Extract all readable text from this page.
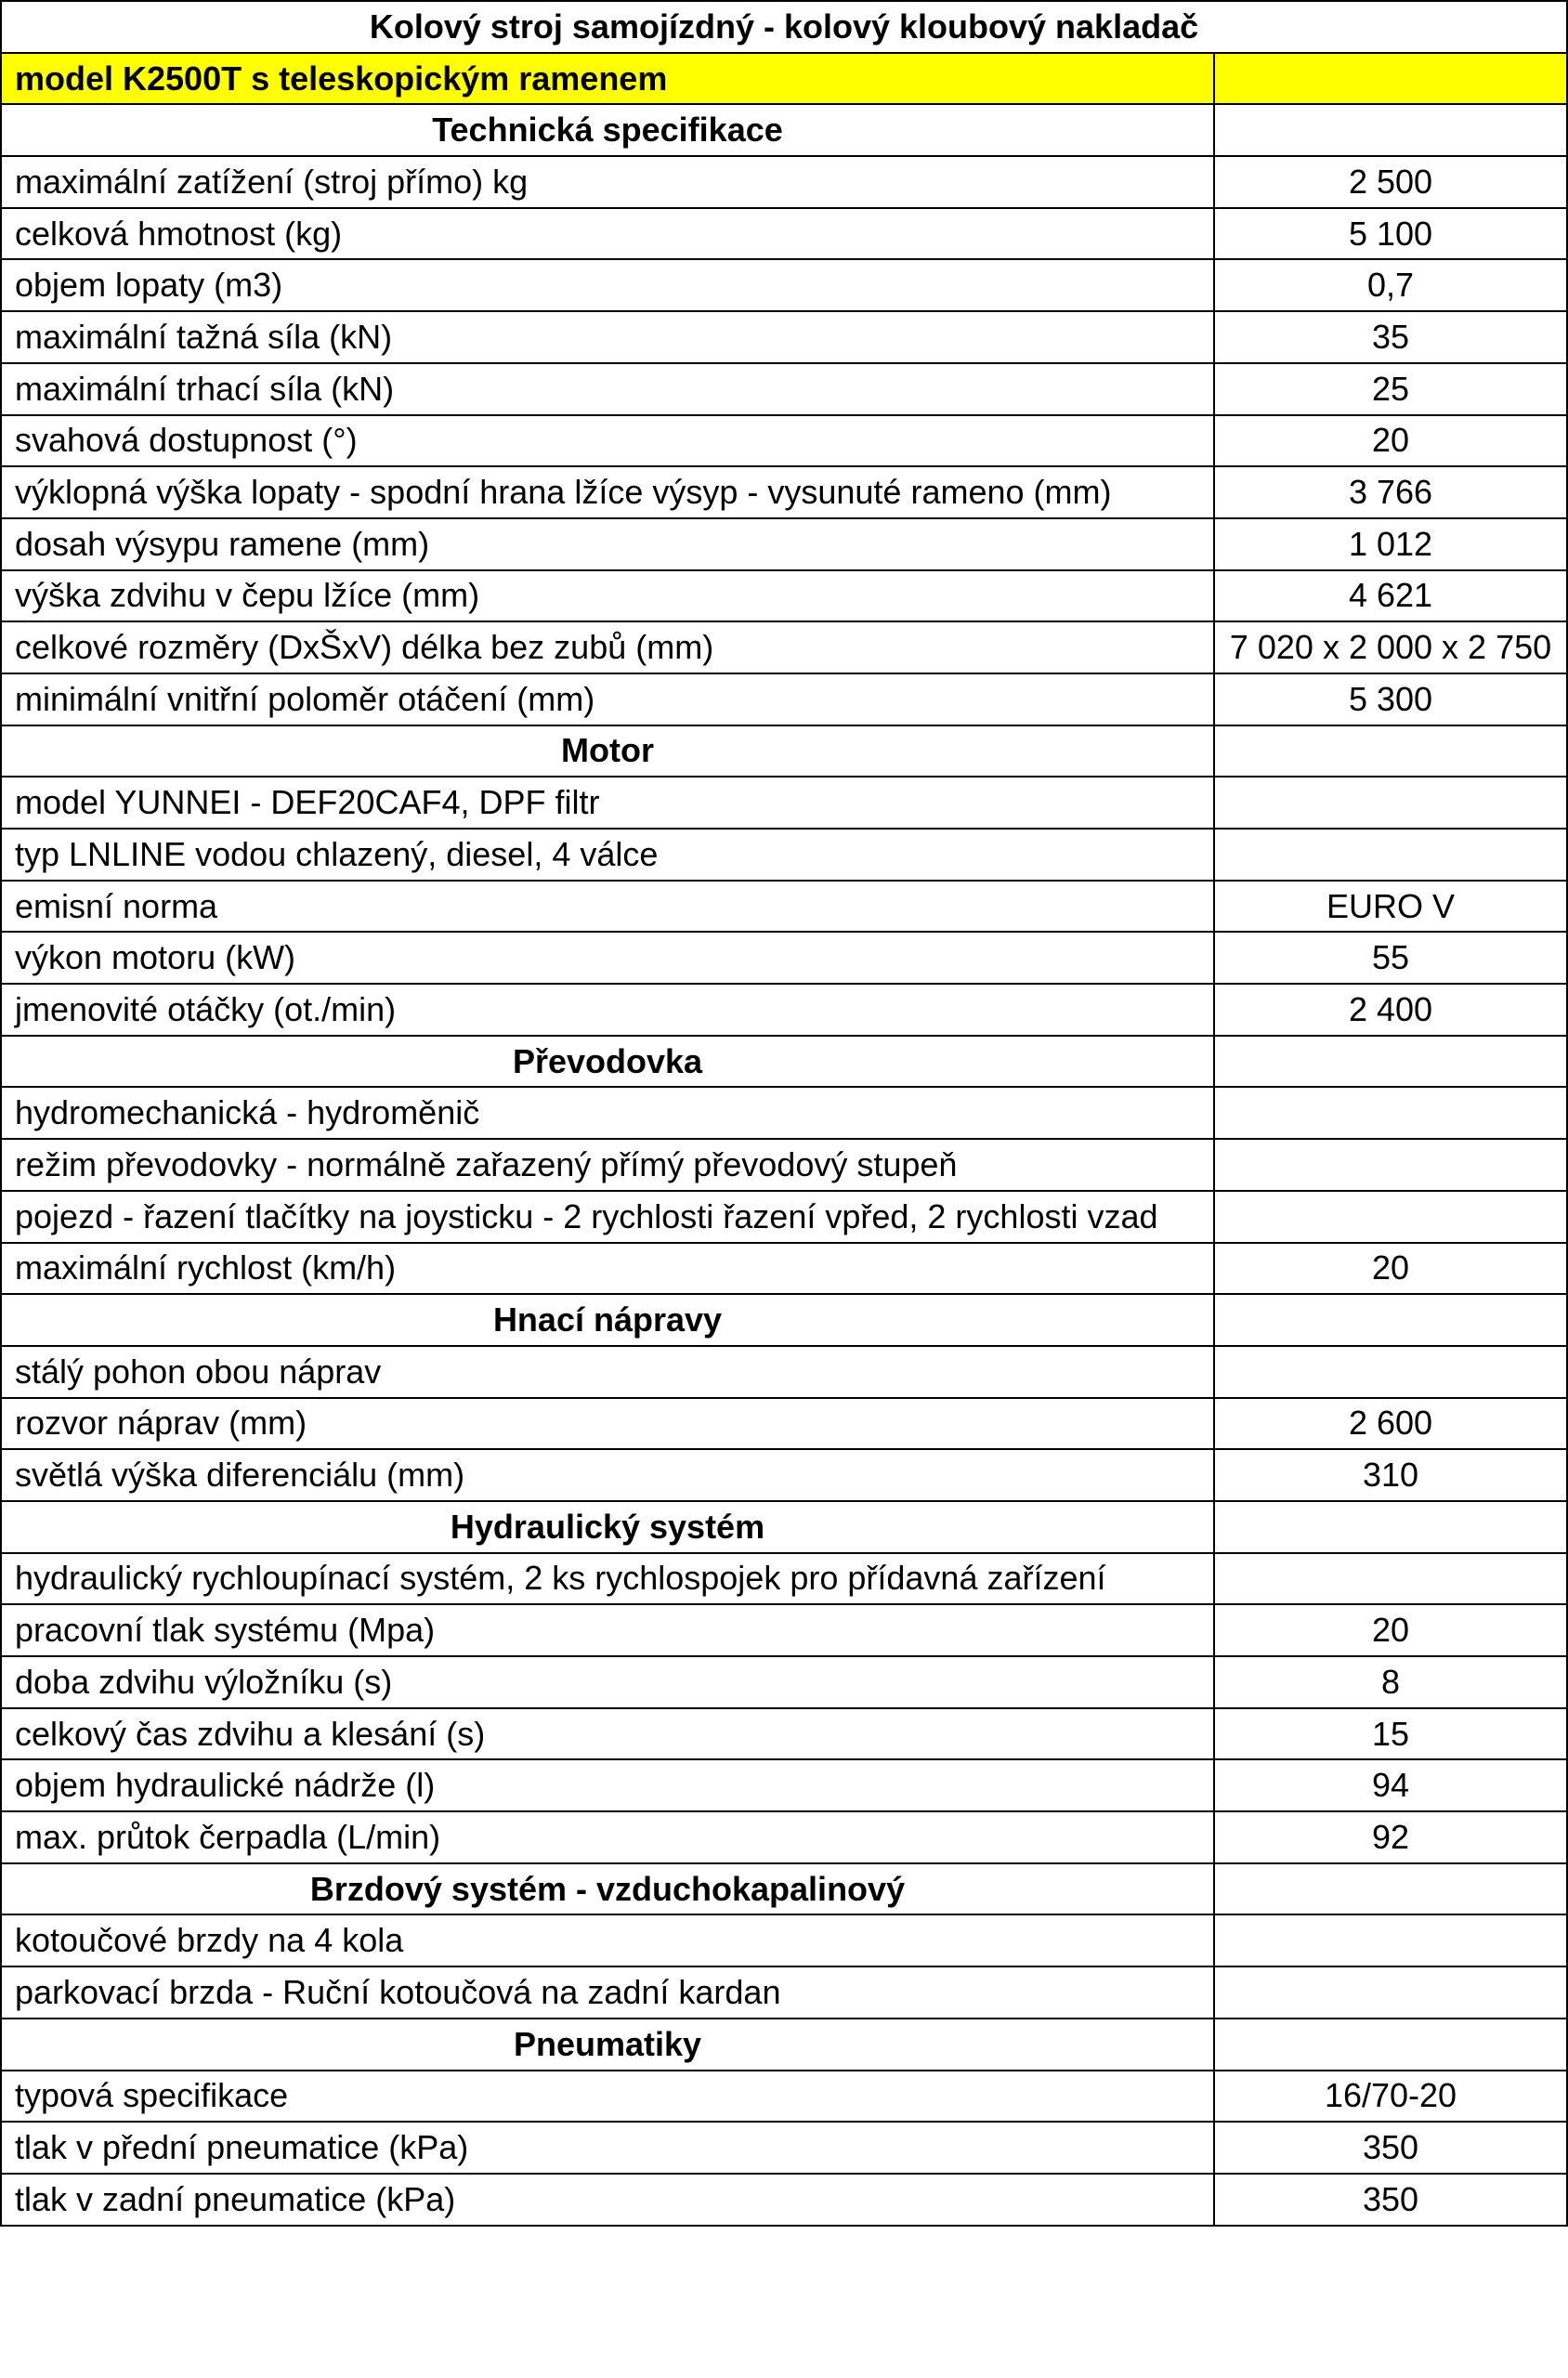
Kolový stroj samojízdný - kolový kloubový nakladač	
model K2500T s teleskopickým ramenem	
Technická specifikace	
maximální zatížení (stroj přímo) kg	2 500
celková hmotnost (kg)	5 100
objem lopaty (m3)	0,7
maximální tažná síla (kN)	35
maximální trhací síla (kN)	25
svahová dostupnost (°)	20
výklopná výška lopaty - spodní hrana lžíce výsyp - vysunuté rameno (mm)	3 766
dosah výsypu ramene (mm)	1 012
výška zdvihu v čepu lžíce (mm)	4 621
celkové rozměry (DxŠxV) délka bez zubů (mm)	7 020 x 2 000 x 2 750
minimální vnitřní poloměr otáčení (mm)	5 300
Motor	
model YUNNEI - DEF20CAF4, DPF filtr	
typ LNLINE vodou chlazený, diesel, 4 válce	
emisní norma	EURO V
výkon motoru (kW)	55
jmenovité otáčky (ot./min)	2 400
Převodovka	
hydromechanická - hydroměnič	
režim převodovky - normálně zařazený přímý převodový stupeň	
pojezd - řazení tlačítky na joysticku - 2 rychlosti řazení vpřed, 2 rychlosti vzad	
maximální rychlost (km/h)	20
Hnací nápravy	
stálý pohon obou náprav	
rozvor náprav (mm)	2 600
světlá výška diferenciálu (mm)	310
Hydraulický systém	
hydraulický rychloupínací systém, 2 ks rychlospojek pro přídavná zařízení	
pracovní tlak systému (Mpa)	20
doba zdvihu výložníku (s)	8
celkový čas zdvihu a klesání (s)	15
objem hydraulické nádrže (l)	94
max. průtok čerpadla (L/min)	92
Brzdový systém - vzduchokapalinový	
kotoučové brzdy na 4 kola	
parkovací brzda - Ruční kotoučová na zadní kardan	
Pneumatiky	
typová specifikace	16/70-20
tlak v přední pneumatice (kPa)	350
tlak v zadní pneumatice (kPa)	350
